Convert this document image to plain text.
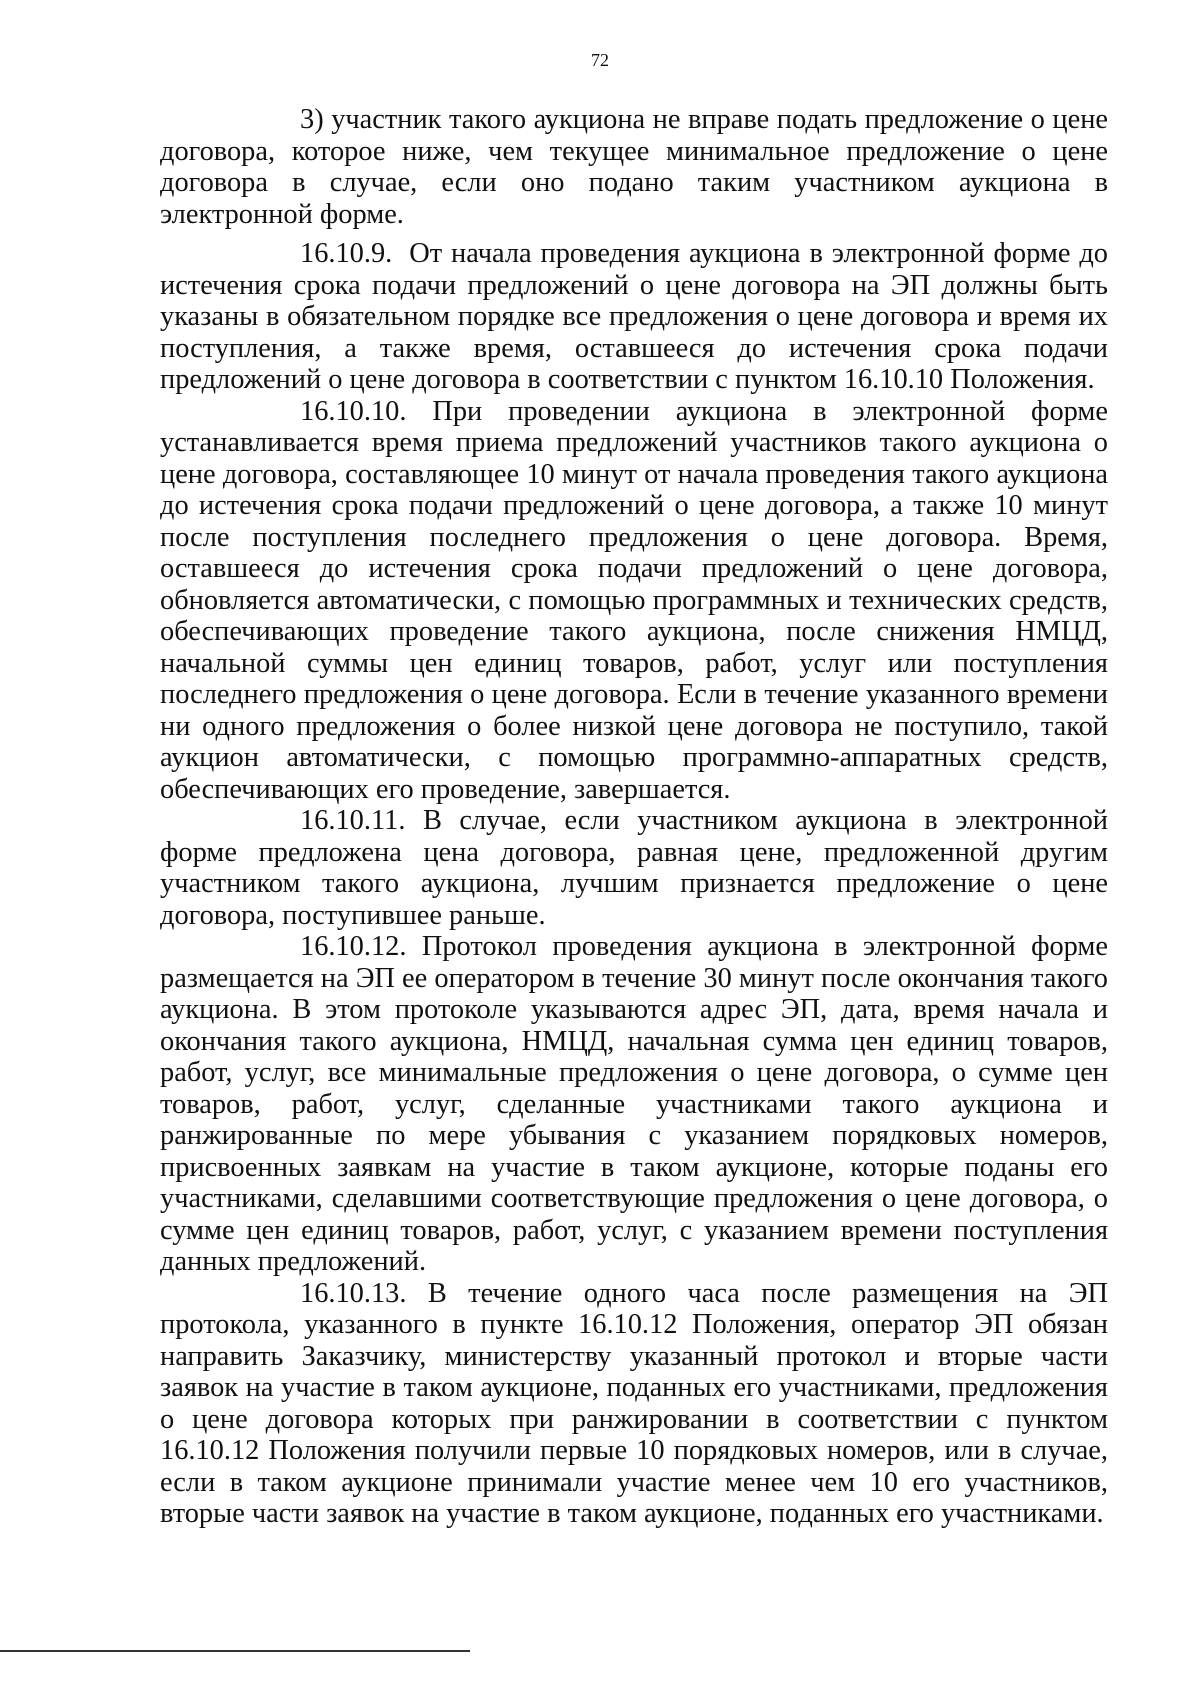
72

3) участник такого аукциона не вправе подать предложение о цене договора, которое ниже, чем текущее минимальное предложение о цене договора в случае, если оно подано таким участником аукциона в электронной форме.

16.10.9. От начала проведения аукциона в электронной форме до истечения срока подачи предложений о цене договора на ЭП должны быть указаны в обязательном порядке все предложения о цене договора и время их поступления, а также время, оставшееся до истечения срока подачи предложений о цене договора в соответствии с пунктом 16.10.10 Положения.

16.10.10. При проведении аукциона в электронной форме устанавливается время приема предложений участников такого аукциона о цене договора, составляющее 10 минут от начала проведения такого аукциона до истечения срока подачи предложений о цене договора, а также 10 минут после поступления последнего предложения о цене договора. Время, оставшееся до истечения срока подачи предложений о цене договора, обновляется автоматически, с помощью программных и технических средств, обеспечивающих проведение такого аукциона, после снижения НМЦД, начальной суммы цен единиц товаров, работ, услуг или поступления последнего предложения о цене договора. Если в течение указанного времени ни одного предложения о более низкой цене договора не поступило, такой аукцион автоматически, с помощью программно-аппаратных средств, обеспечивающих его проведение, завершается.

16.10.11. В случае, если участником аукциона в электронной форме предложена цена договора, равная цене, предложенной другим участником такого аукциона, лучшим признается предложение о цене договора, поступившее раньше.

16.10.12. Протокол проведения аукциона в электронной форме размещается на ЭП ее оператором в течение 30 минут после окончания такого аукциона. В этом протоколе указываются адрес ЭП, дата, время начала и окончания такого аукциона, НМЦД, начальная сумма цен единиц товаров, работ, услуг, все минимальные предложения о цене договора, о сумме цен товаров, работ, услуг, сделанные участниками такого аукциона и ранжированные по мере убывания с указанием порядковых номеров, присвоенных заявкам на участие в таком аукционе, которые поданы его участниками, сделавшими соответствующие предложения о цене договора, о сумме цен единиц товаров, работ, услуг, с указанием времени поступления данных предложений.

16.10.13. В течение одного часа после размещения на ЭП протокола, указанного в пункте 16.10.12 Положения, оператор ЭП обязан направить Заказчику, министерству указанный протокол и вторые части заявок на участие в таком аукционе, поданных его участниками, предложения о цене договора которых при ранжировании в соответствии с пунктом 16.10.12 Положения получили первые 10 порядковых номеров, или в случае, если в таком аукционе принимали участие менее чем 10 его участников, вторые части заявок на участие в таком аукционе, поданных его участниками.
